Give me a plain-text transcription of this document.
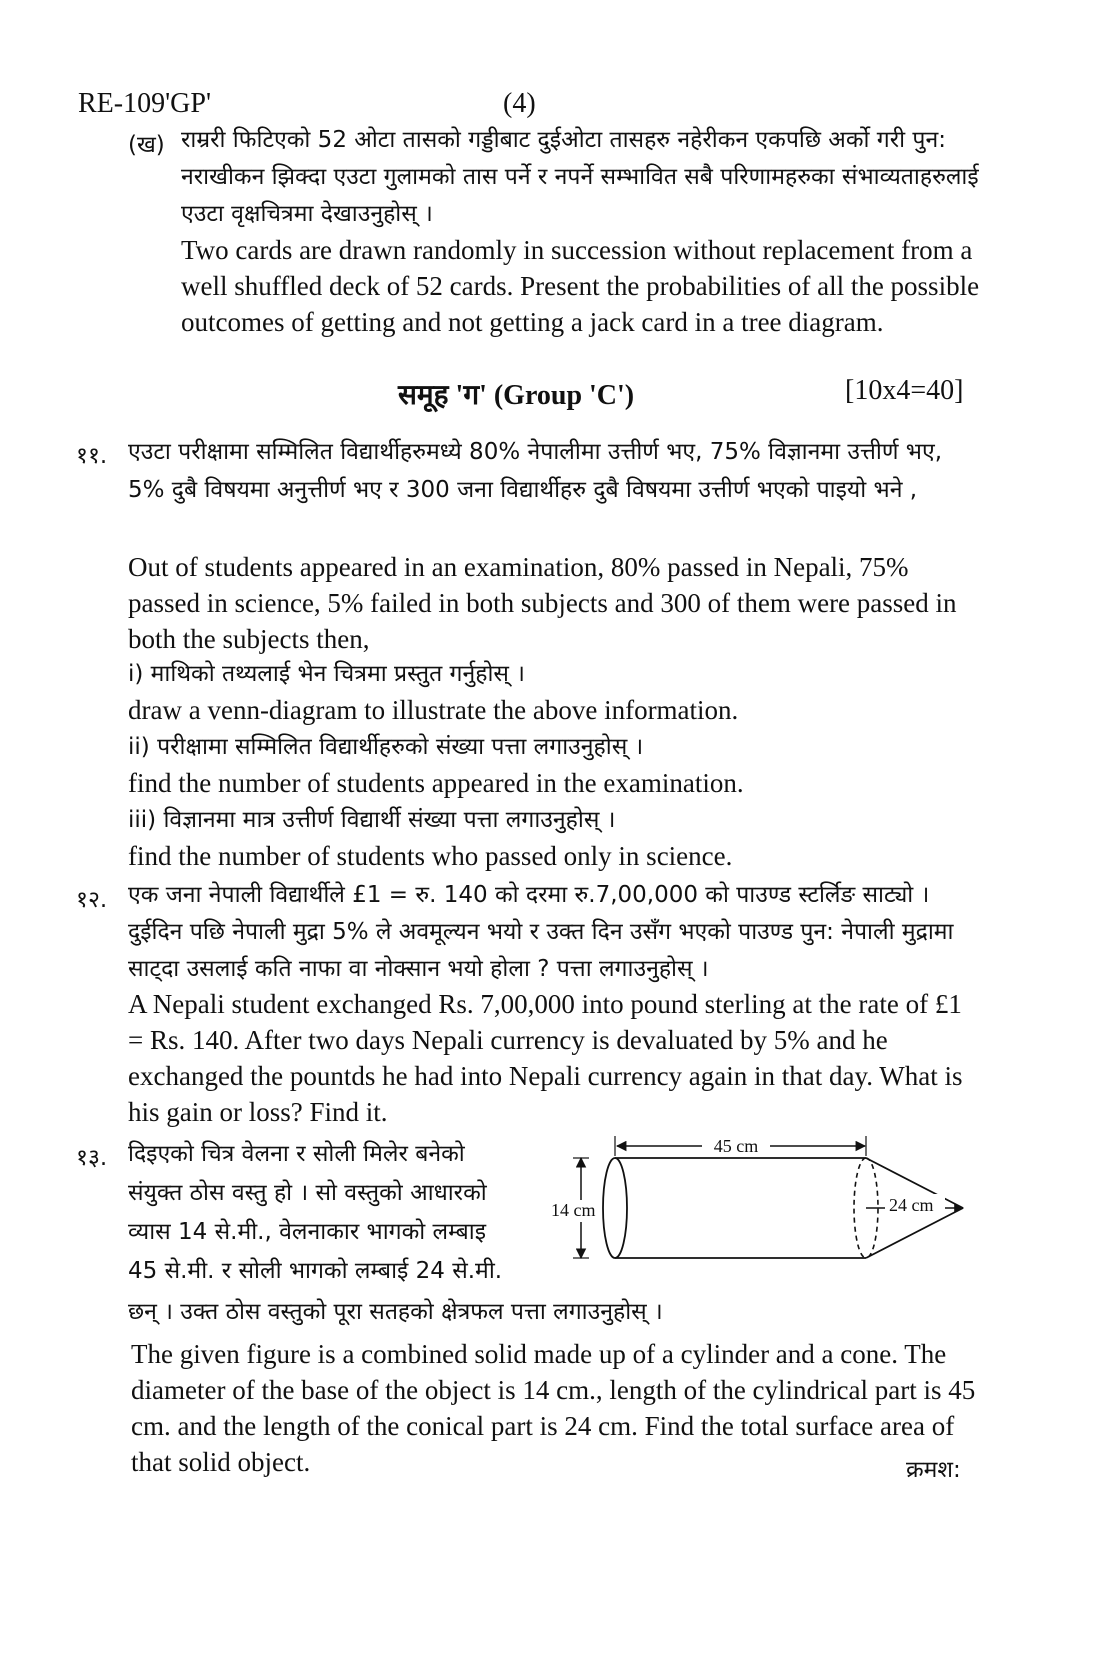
RE-109'GP'	(4)
(ख) राम्ररी फिटिएको 52 ओटा तासको गड्डीबाट दुईओटा तासहरु नहेरीकन एकपछि अर्को गरी पुन: नराखीकन झिक्दा एउटा गुलामको तास पर्ने र नपर्ने सम्भावित सबै परिणामहरुका संभाव्यताहरुलाई एउटा वृक्षचित्रमा देखाउनुहोस् ।
Two cards are drawn randomly in succession without replacement from a well shuffled deck of 52 cards. Present the probabilities of all the possible outcomes of getting and not getting a jack card in a tree diagram.
समूह 'ग' (Group 'C')	[10x4=40]
११. एउटा परीक्षामा सम्मिलित विद्यार्थीहरुमध्ये 80% नेपालीमा उत्तीर्ण भए, 75% विज्ञानमा उत्तीर्ण भए, 5% दुबै विषयमा अनुत्तीर्ण भए र 300 जना विद्यार्थीहरु दुबै विषयमा उत्तीर्ण भएको पाइयो भने ,
Out of students appeared in an examination, 80% passed in Nepali, 75% passed in science, 5% failed in both subjects and 300 of them were passed in both the subjects then,
i) माथिको तथ्यलाई भेन चित्रमा प्रस्तुत गर्नुहोस् ।
draw a venn-diagram to illustrate the above information.
ii) परीक्षामा सम्मिलित विद्यार्थीहरुको संख्या पत्ता लगाउनुहोस् ।
find the number of students appeared in the examination.
iii) विज्ञानमा मात्र उत्तीर्ण विद्यार्थी संख्या पत्ता लगाउनुहोस् ।
find the number of students who passed only in science.
१२. एक जना नेपाली विद्यार्थीले £1 = रु. 140 को दरमा रु.7,00,000 को पाउण्ड स्टर्लिङ साट्यो । दुईदिन पछि नेपाली मुद्रा 5% ले अवमूल्यन भयो र उक्त दिन उसँग भएको पाउण्ड पुन: नेपाली मुद्रामा साट्दा उसलाई कति नाफा वा नोक्सान भयो होला ? पत्ता लगाउनुहोस् ।
A Nepali student exchanged Rs. 7,00,000 into pound sterling at the rate of £1 = Rs. 140. After two days Nepali currency is devaluated by 5% and he exchanged the pountds he had into Nepali currency again in that day. What is his gain or loss? Find it.
१३. दिइएको चित्र वेलना र सोली मिलेर बनेको
संयुक्त ठोस वस्तु हो । सो वस्तुको आधारको
व्यास 14 से.मी., वेलनाकार भागको लम्बाइ
45 से.मी. र सोली भागको लम्बाई 24 से.मी.
छन् । उक्त ठोस वस्तुको पूरा सतहको क्षेत्रफल पत्ता लगाउनुहोस् ।
45 cm
14 cm	24 cm
The given figure is a combined solid made up of a cylinder and a cone. The diameter of the base of the object is 14 cm., length of the cylindrical part is 45 cm. and the length of the conical part is 24 cm. Find the total surface area of that solid object.	क्रमश:
